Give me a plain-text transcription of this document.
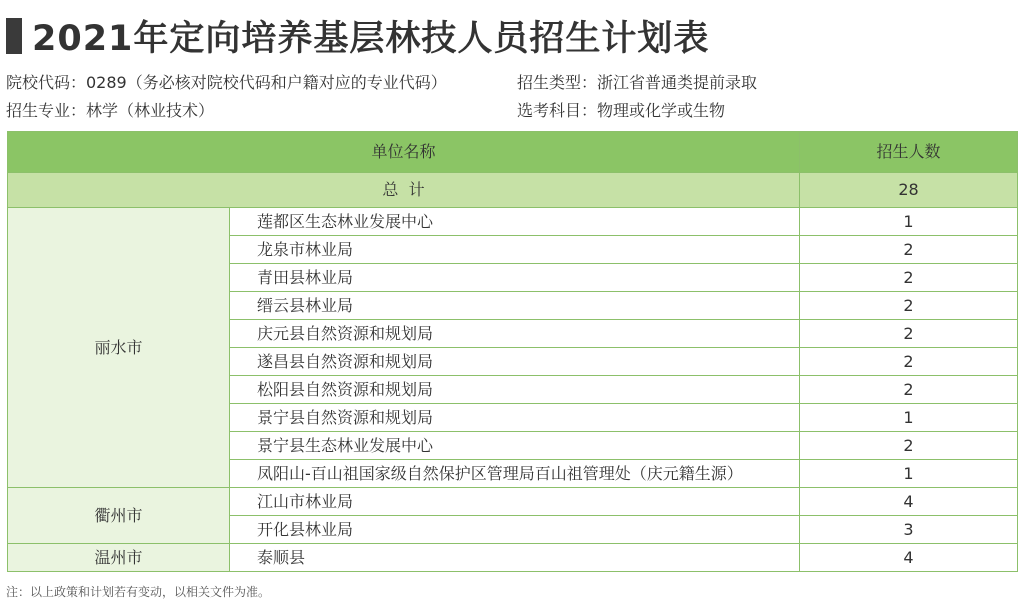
2021年定向培养基层林技人员招生计划表
院校代码：0289（务必核对院校代码和户籍对应的专业代码）	招生类型：浙江省普通类提前录取
招生专业：林学（林业技术）	选考科目：物理或化学或生物
单位名称		招生人数
总  计		28
丽水市	莲都区生态林业发展中心	1
	龙泉市林业局	2
	青田县林业局	2
	缙云县林业局	2
	庆元县自然资源和规划局	2
	遂昌县自然资源和规划局	2
	松阳县自然资源和规划局	2
	景宁县自然资源和规划局	1
	景宁县生态林业发展中心	2
	凤阳山-百山祖国家级自然保护区管理局百山祖管理处（庆元籍生源）	1
衢州市	江山市林业局	4
	开化县林业局	3
温州市	泰顺县	4
注：以上政策和计划若有变动，以相关文件为准。
